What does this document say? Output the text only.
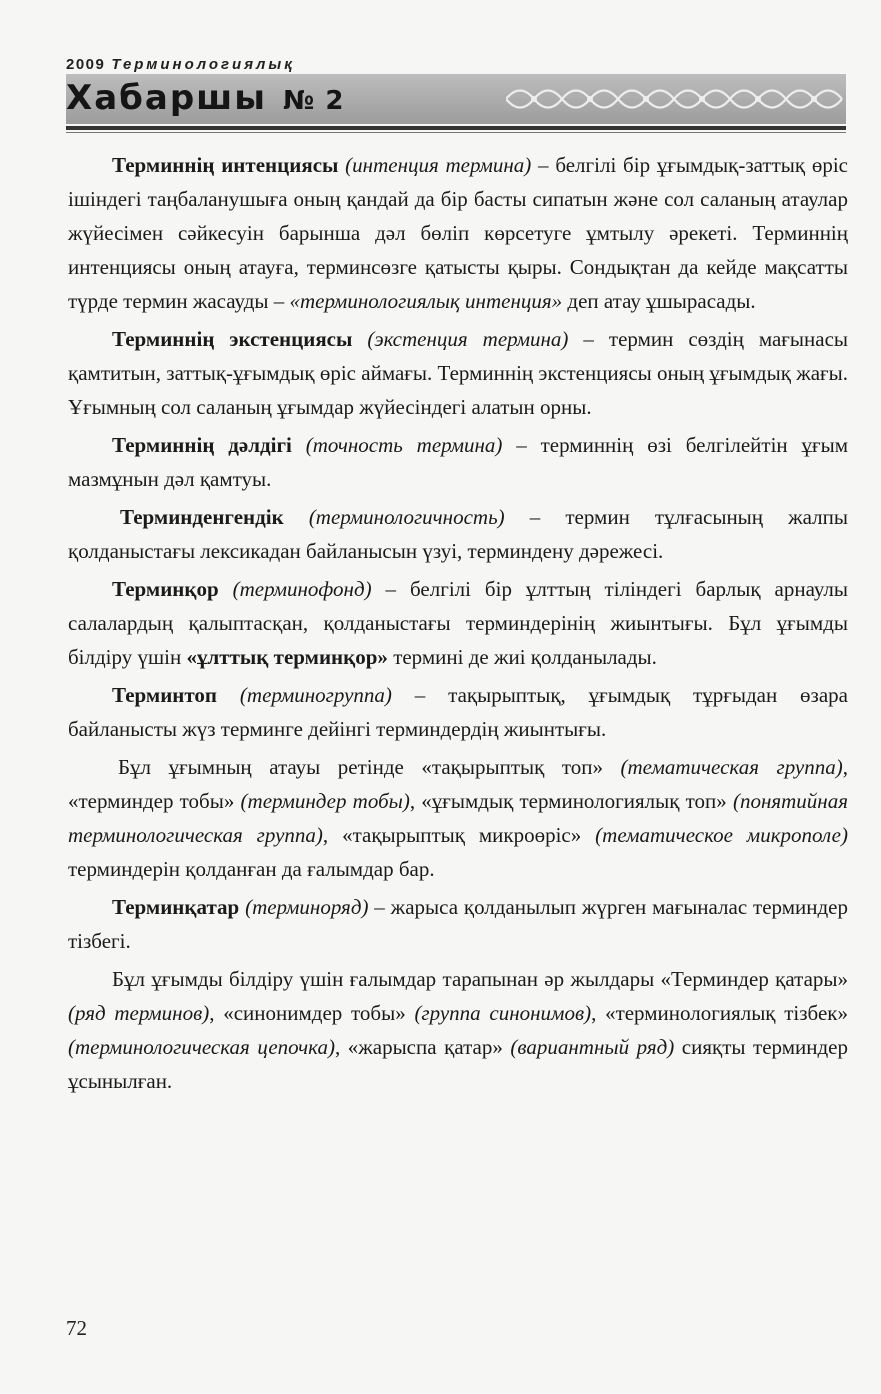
2009 Терминологиялық
Хабаршы № 2

Терминнің интенциясы (интенция термина) – белгілі бір ұғымдық-заттық өріс ішіндегі таңбаланушыға оның қандай да бір басты сипатын және сол саланың атаулар жүйесімен сәйкесуін барынша дәл бөліп көрсетуге ұмтылу әрекеті. Терминнің интенциясы оның атауға, терминсөзге қатысты қыры. Сондықтан да кейде мақсатты түрде термин жасауды – «терминологиялық интенция» деп атау ұшырасады.

Терминнің экстенциясы (экстенция термина) – термин сөздің мағынасы қамтитын, заттық-ұғымдық өріс аймағы. Терминнің экстенциясы оның ұғымдық жағы. Ұғымның сол саланың ұғымдар жүйесіндегі алатын орны.

Терминнің дәлдігі (точность термина) – терминнің өзі белгілейтін ұғым мазмұнын дәл қамтуы.

Терминденгендік (терминологичность) – термин тұлғасының жалпы қолданыстағы лексикадан байланысын үзуі, терминдену дәрежесі.

Терминқор (терминофонд) – белгілі бір ұлттың тіліндегі барлық арнаулы салалардың қалыптасқан, қолданыстағы терминдерінің жиынтығы. Бұл ұғымды білдіру үшін «ұлттық терминқор» термині де жиі қолданылады.

Терминтоп (терминогруппа) – тақырыптық, ұғымдық тұрғыдан өзара байланысты жүз терминге дейінгі терминдердің жиынтығы.

Бұл ұғымның атауы ретінде «тақырыптық топ» (тематическая группа), «терминдер тобы» (терминдер тобы), «ұғымдық терминологиялық топ» (понятийная терминологическая группа), «тақырыптық микроөріс» (тематическое микрополе) терминдерін қолданған да ғалымдар бар.

Терминқатар (терминоряд) – жарыса қолданылып жүрген мағыналас терминдер тізбегі.

Бұл ұғымды білдіру үшін ғалымдар тарапынан әр жылдары «Терминдер қатары» (ряд терминов), «синонимдер тобы» (группа синонимов), «терминологиялық тізбек» (терминологическая цепочка), «жарыспа қатар» (вариантный ряд) сияқты терминдер ұсынылған.

72
